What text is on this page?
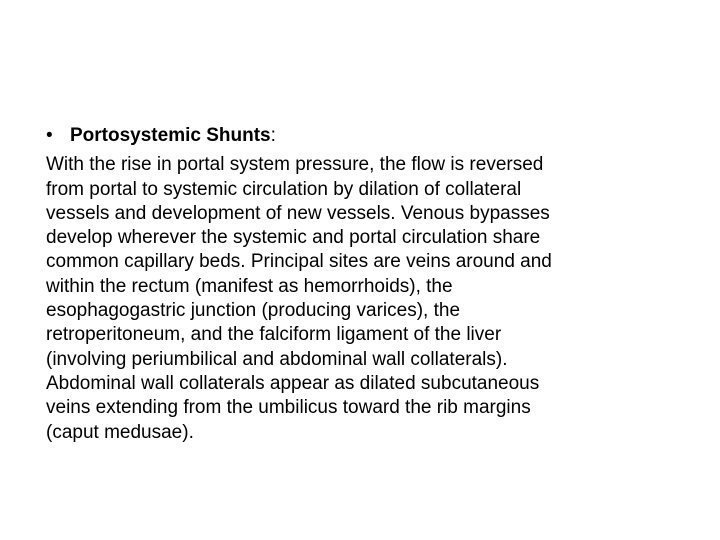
• Portosystemic Shunts:

With the rise in portal system pressure, the flow is reversed
from portal to systemic circulation by dilation of collateral
vessels and development of new vessels. Venous bypasses
develop wherever the systemic and portal circulation share
common capillary beds. Principal sites are veins around and
within the rectum (manifest as hemorrhoids), the
esophagogastric junction (producing varices), the
retroperitoneum, and the falciform ligament of the liver
(involving periumbilical and abdominal wall collaterals).
Abdominal wall collaterals appear as dilated subcutaneous
veins extending from the umbilicus toward the rib margins
(caput medusae).
